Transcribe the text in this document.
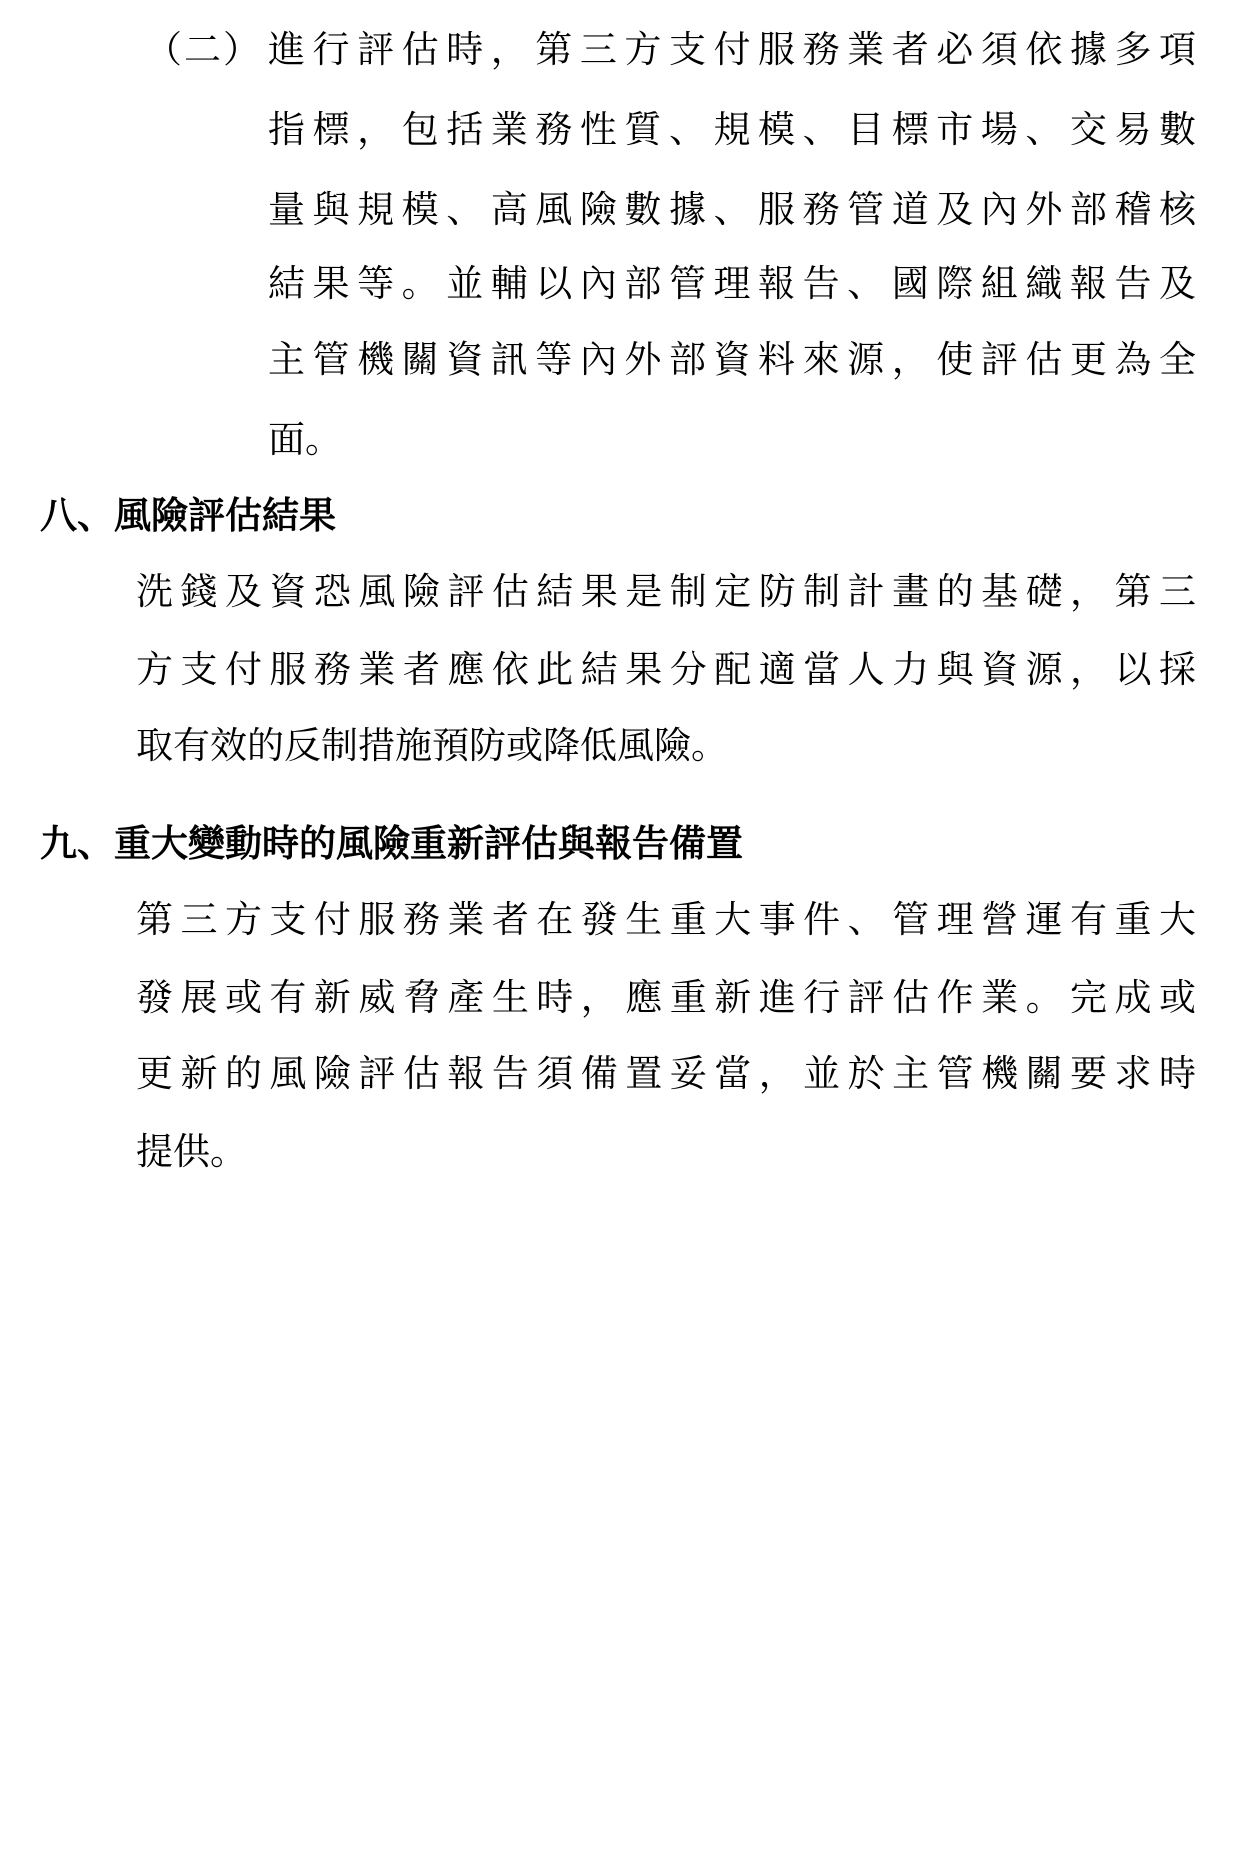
（二） 進行評估時，第三方支付服務業者必須依據多項
指標，包括業務性質、規模、目標市場、交易數
量與規模、高風險數據、服務管道及內外部稽核
結果等。並輔以內部管理報告、國際組織報告及
主管機關資訊等內外部資料來源，使評估更為全
面。
八、風險評估結果
洗錢及資恐風險評估結果是制定防制計畫的基礎，第三
方支付服務業者應依此結果分配適當人力與資源，以採
取有效的反制措施預防或降低風險。
九、重大變動時的風險重新評估與報告備置
第三方支付服務業者在發生重大事件、管理營運有重大
發展或有新威脅產生時，應重新進行評估作業。完成或
更新的風險評估報告須備置妥當，並於主管機關要求時
提供。
